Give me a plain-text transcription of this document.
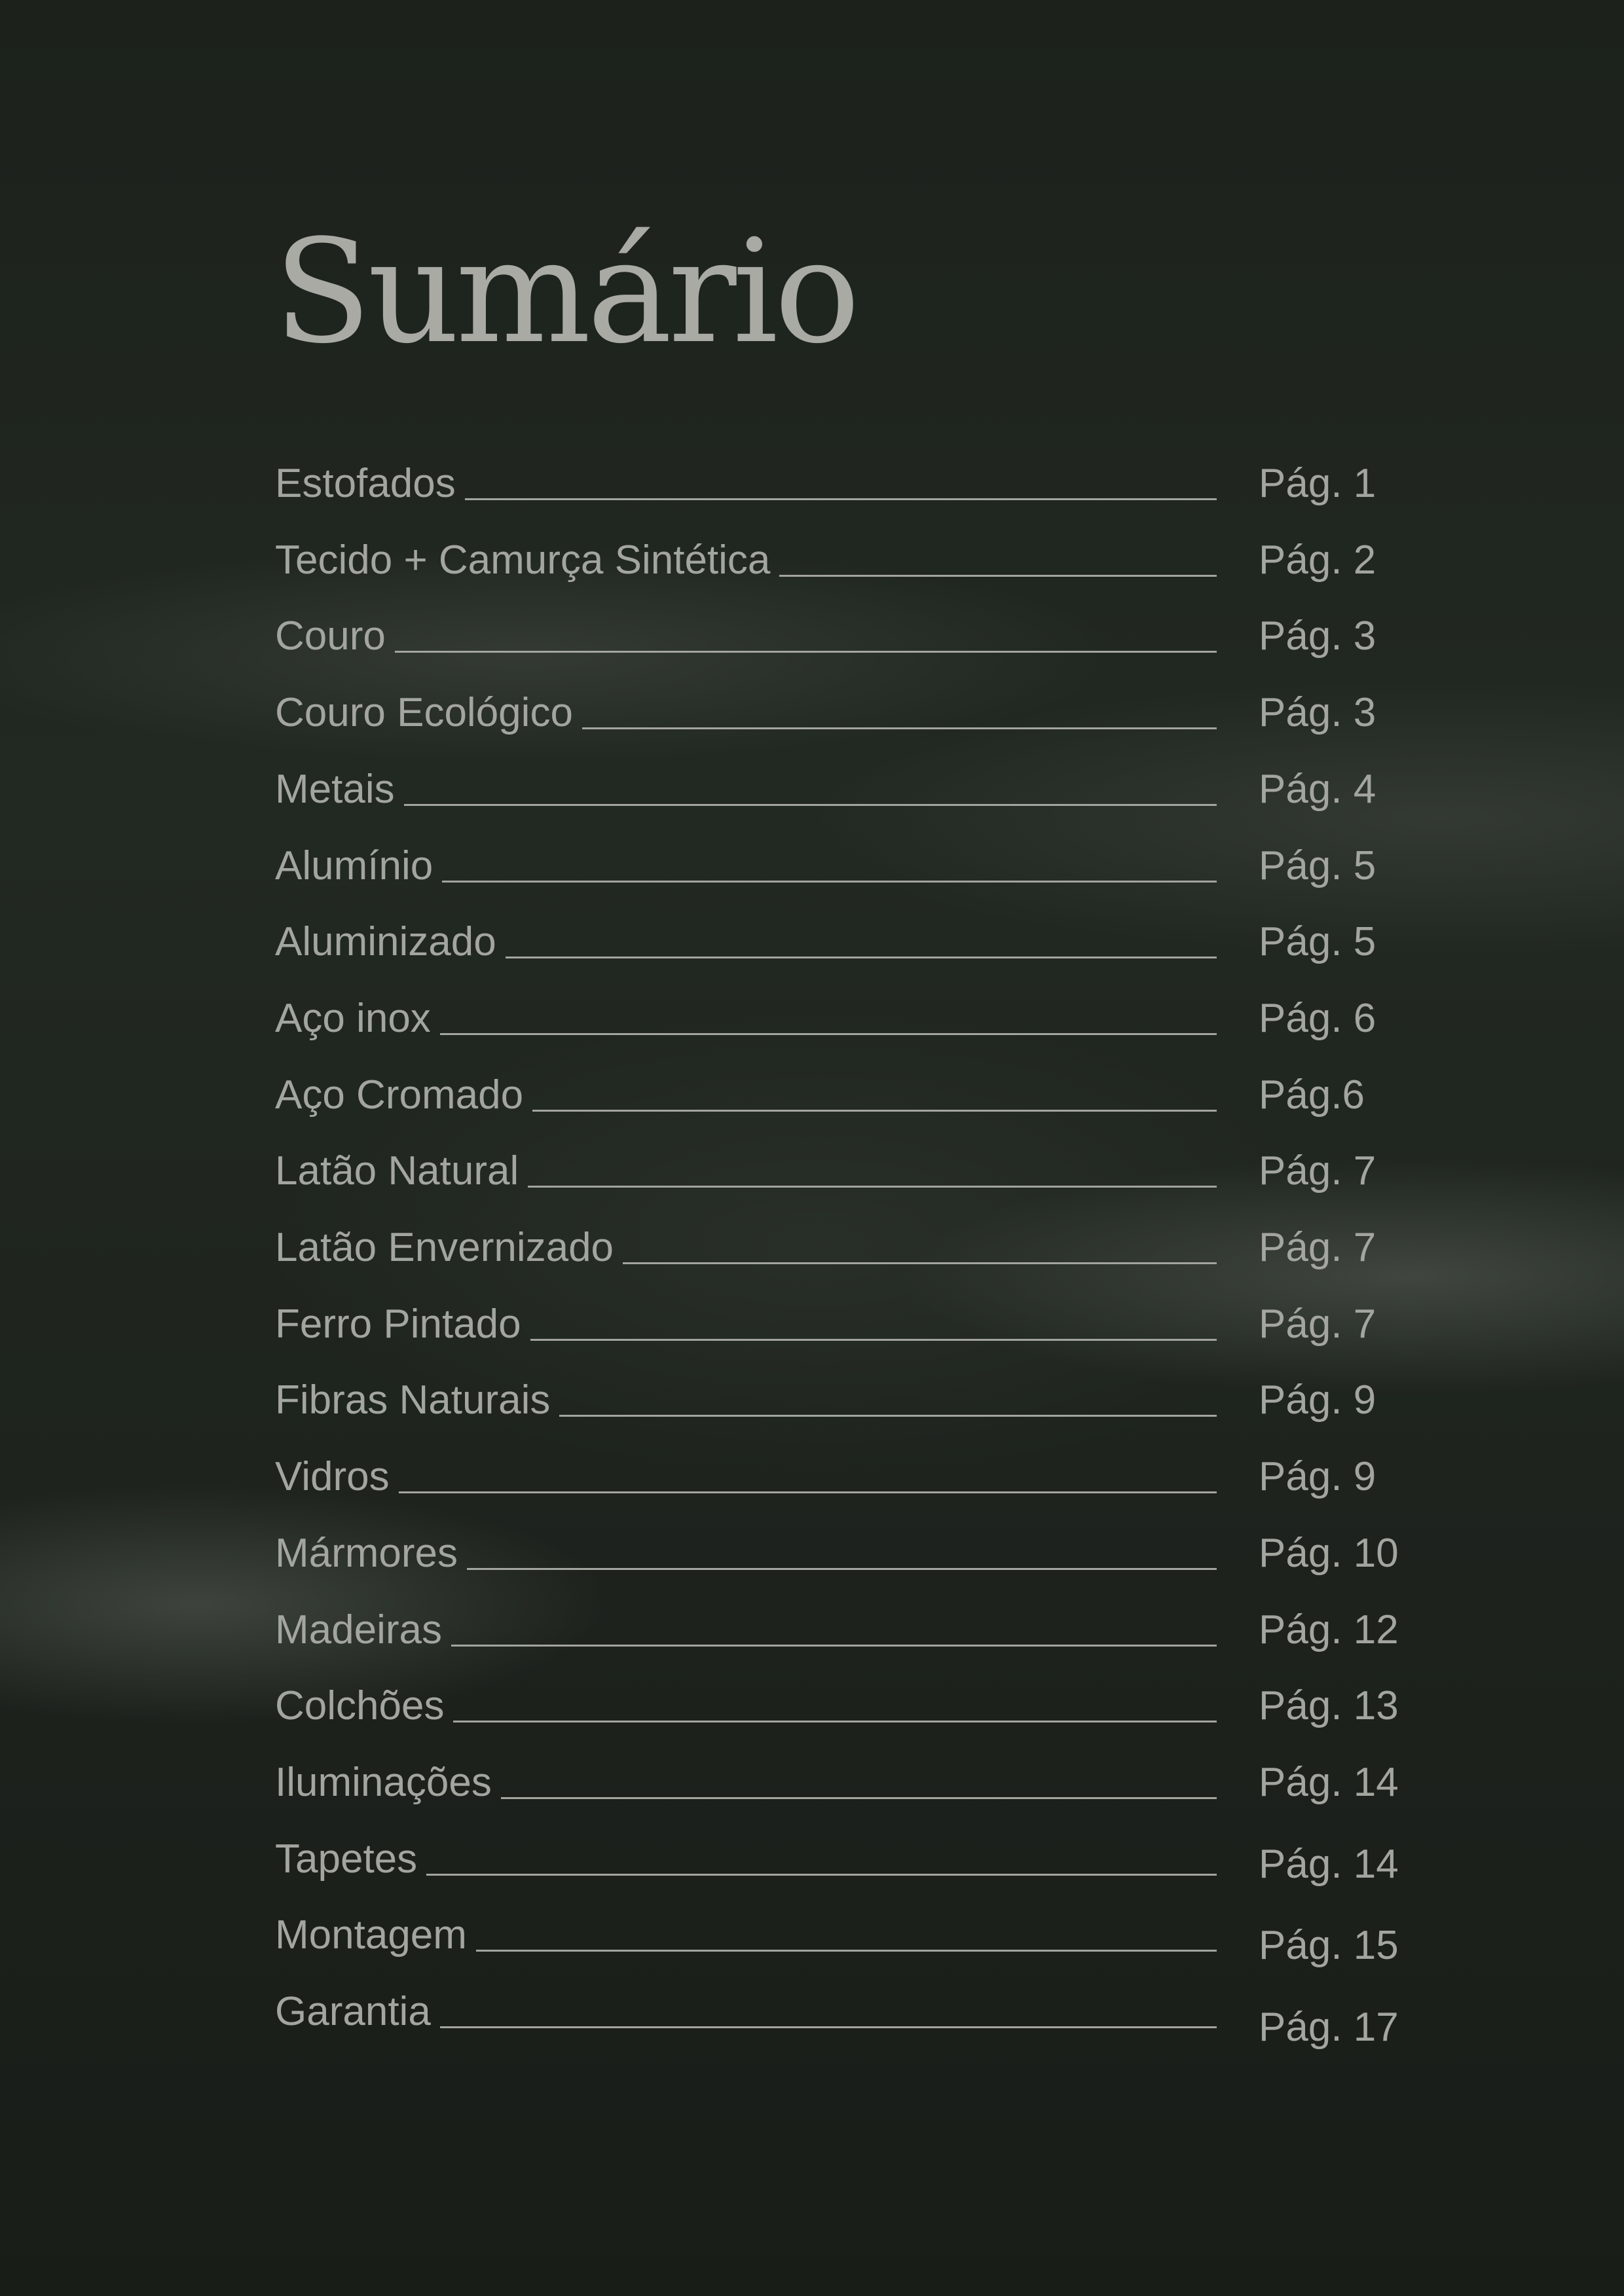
Sumário
Estofados	Pág. 1
Tecido + Camurça Sintética	Pág. 2
Couro	Pág. 3
Couro Ecológico	Pág. 3
Metais	Pág. 4
Alumínio	Pág. 5
Aluminizado	Pág. 5
Aço inox	Pág. 6
Aço Cromado	Pág.6
Latão Natural	Pág. 7
Latão Envernizado	Pág. 7
Ferro Pintado	Pág. 7
Fibras Naturais	Pág. 9
Vidros	Pág. 9
Mármores	Pág. 10
Madeiras	Pág. 12
Colchões	Pág. 13
Iluminações	Pág. 14
Tapetes	Pág. 14
Montagem	Pág. 15
Garantia	Pág. 17
